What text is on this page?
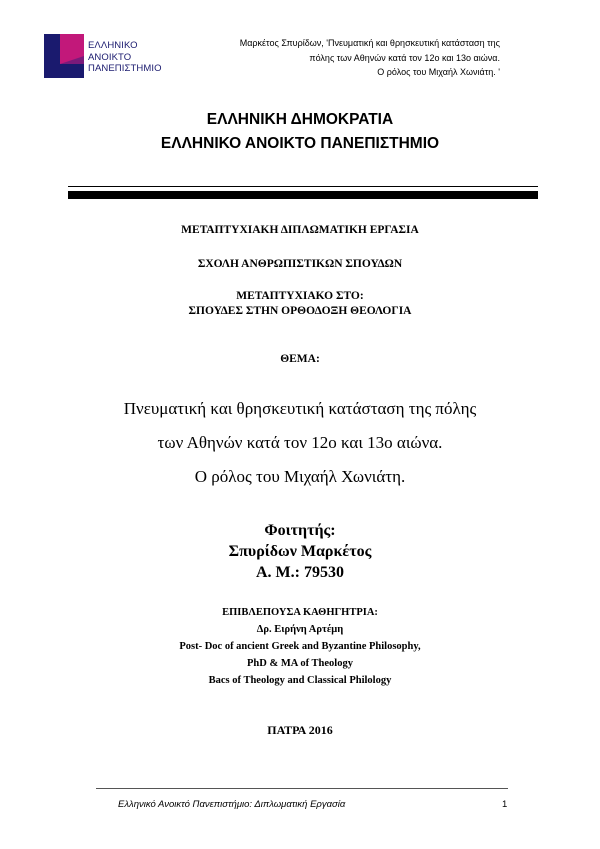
ΕΛΛΗΝΙΚΟ
ΑΝΟΙΚΤΟ
ΠΑΝΕΠΙΣΤΗΜΙΟ
Μαρκέτος Σπυρίδων, 'Πνευματική και θρησκευτική κατάσταση της
πόλης των Αθηνών κατά τον 12ο και 13ο αιώνα.
Ο ρόλος του Μιχαήλ Χωνιάτη. '
ΕΛΛΗΝΙΚΗ ΔΗΜΟΚΡΑΤΙΑ
ΕΛΛΗΝΙΚΟ ΑΝΟΙΚΤΟ ΠΑΝΕΠΙΣΤΗΜΙΟ
ΜΕΤΑΠΤΥΧΙΑΚΗ ΔΙΠΛΩΜΑΤΙΚΗ ΕΡΓΑΣΙΑ
ΣΧΟΛΗ ΑΝΘΡΩΠΙΣΤΙΚΩΝ ΣΠΟΥΔΩΝ
ΜΕΤΑΠΤΥΧΙΑΚΟ ΣΤΟ:
ΣΠΟΥΔΕΣ ΣΤΗΝ ΟΡΘΟΔΟΞΗ ΘΕΟΛΟΓΙΑ
ΘΕΜΑ:
Πνευματική και θρησκευτική κατάσταση της πόλης
των Αθηνών κατά τον 12ο και 13ο αιώνα.
Ο ρόλος του Μιχαήλ Χωνιάτη.
Φοιτητής:
Σπυρίδων Μαρκέτος
Α. Μ.: 79530
ΕΠΙΒΛΕΠΟΥΣΑ ΚΑΘΗΓΗΤΡΙΑ:
Δρ. Ειρήνη Αρτέμη
Post- Doc of ancient Greek and Byzantine Philosophy,
PhD & MA of Theology
Bacs of Theology and Classical Philology
ΠΑΤΡΑ 2016
Ελληνικό Ανοικτό Πανεπιστήμιο: Διπλωματική Εργασία	1
